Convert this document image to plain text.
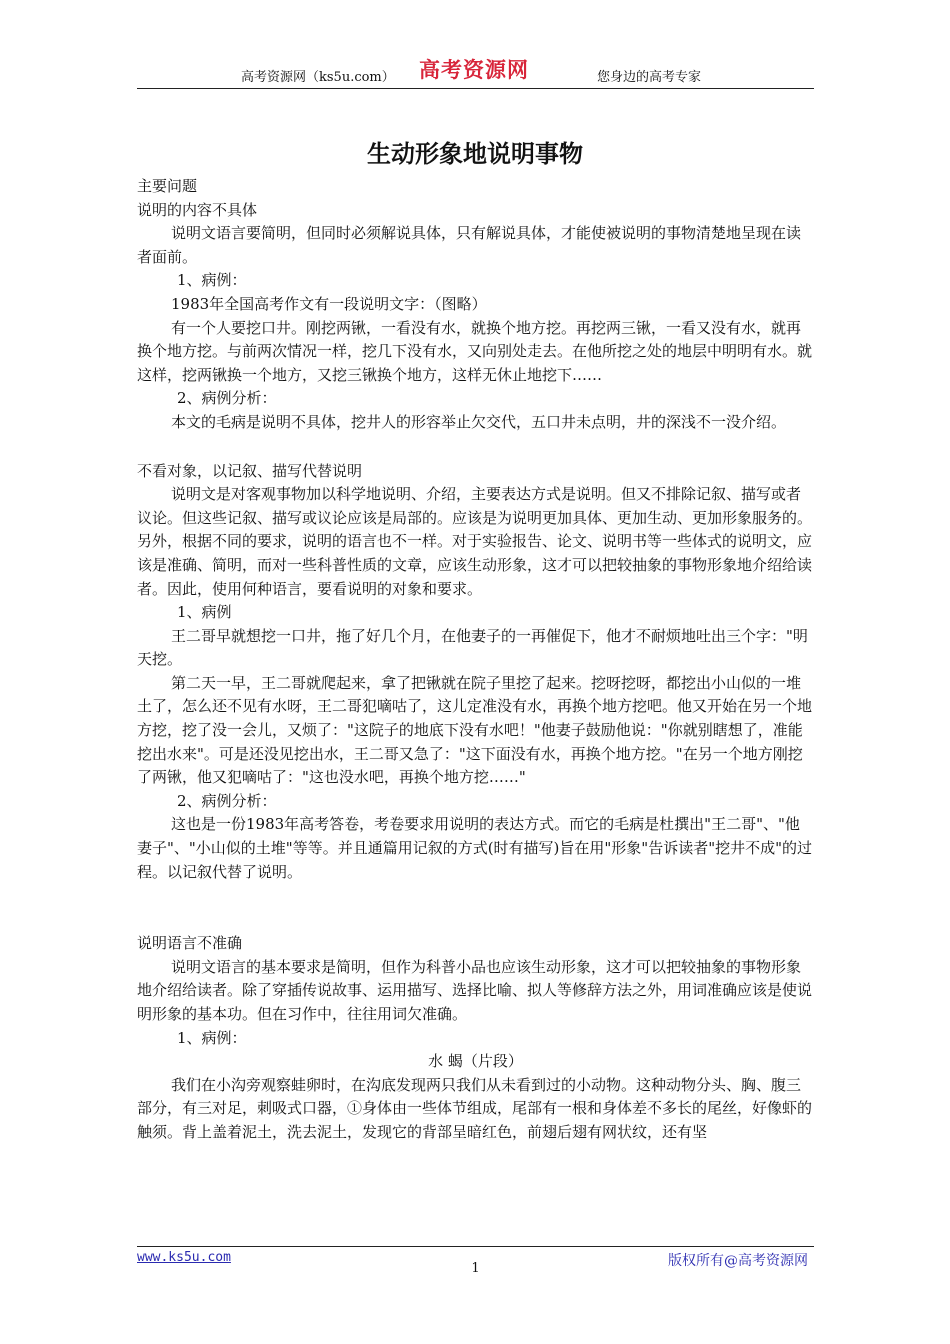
高考资源网（ks5u.com） 高考资源网	您身边的高考专家
生动形象地说明事物

主要问题

说明的内容不具体

说明文语言要简明，但同时必须解说具体，只有解说具体，才能使被说明的事物清楚地呈现在读者面前。

1、病例：

1983年全国高考作文有一段说明文字：（图略）

有一个人要挖口井。刚挖两锹，一看没有水，就换个地方挖。再挖两三锹，一看又没有水，就再换个地方挖。与前两次情况一样，挖几下没有水，又向别处走去。在他所挖之处的地层中明明有水。就这样，挖两锹换一个地方，又挖三锹换个地方，这样无休止地挖下……

2、病例分析：

本文的毛病是说明不具体，挖井人的形容举止欠交代，五口井未点明，井的深浅不一没介绍。

不看对象，以记叙、描写代替说明

说明文是对客观事物加以科学地说明、介绍，主要表达方式是说明。但又不排除记叙、描写或者议论。但这些记叙、描写或议论应该是局部的。应该是为说明更加具体、更加生动、更加形象服务的。另外，根据不同的要求，说明的语言也不一样。对于实验报告、论文、说明书等一些体式的说明文，应该是准确、简明，而对一些科普性质的文章，应该生动形象，这才可以把较抽象的事物形象地介绍给读者。因此，使用何种语言，要看说明的对象和要求。

1、病例

王二哥早就想挖一口井，拖了好几个月，在他妻子的一再催促下，他才不耐烦地吐出三个字："明天挖。

第二天一早，王二哥就爬起来，拿了把锹就在院子里挖了起来。挖呀挖呀，都挖出小山似的一堆土了，怎么还不见有水呀，王二哥犯嘀咕了，这儿定准没有水，再换个地方挖吧。他又开始在另一个地方挖，挖了没一会儿，又烦了："这院子的地底下没有水吧！"他妻子鼓励他说："你就别瞎想了，准能挖出水来"。可是还没见挖出水，王二哥又急了："这下面没有水，再换个地方挖。"在另一个地方刚挖了两锹，他又犯嘀咕了："这也没水吧，再换个地方挖……"

2、病例分析：

这也是一份1983年高考答卷，考卷要求用说明的表达方式。而它的毛病是杜撰出"王二哥"、"他妻子"、"小山似的土堆"等等。并且通篇用记叙的方式(时有描写)旨在用"形象"告诉读者"挖井不成"的过程。以记叙代替了说明。

说明语言不准确

说明文语言的基本要求是简明，但作为科普小品也应该生动形象，这才可以把较抽象的事物形象地介绍给读者。除了穿插传说故事、运用描写、选择比喻、拟人等修辞方法之外，用词准确应该是使说明形象的基本功。但在习作中，往往用词欠准确。

1、病例：

水 蝎（片段）

我们在小沟旁观察蛙卵时，在沟底发现两只我们从未看到过的小动物。这种动物分头、胸、腹三部分，有三对足，刺吸式口器，①身体由一些体节组成，尾部有一根和身体差不多长的尾丝，好像虾的触须。背上盖着泥土，洗去泥土，发现它的背部呈暗红色，前翅后翅有网状纹，还有坚

www.ks5u.com
1	版权所有@高考资源网
